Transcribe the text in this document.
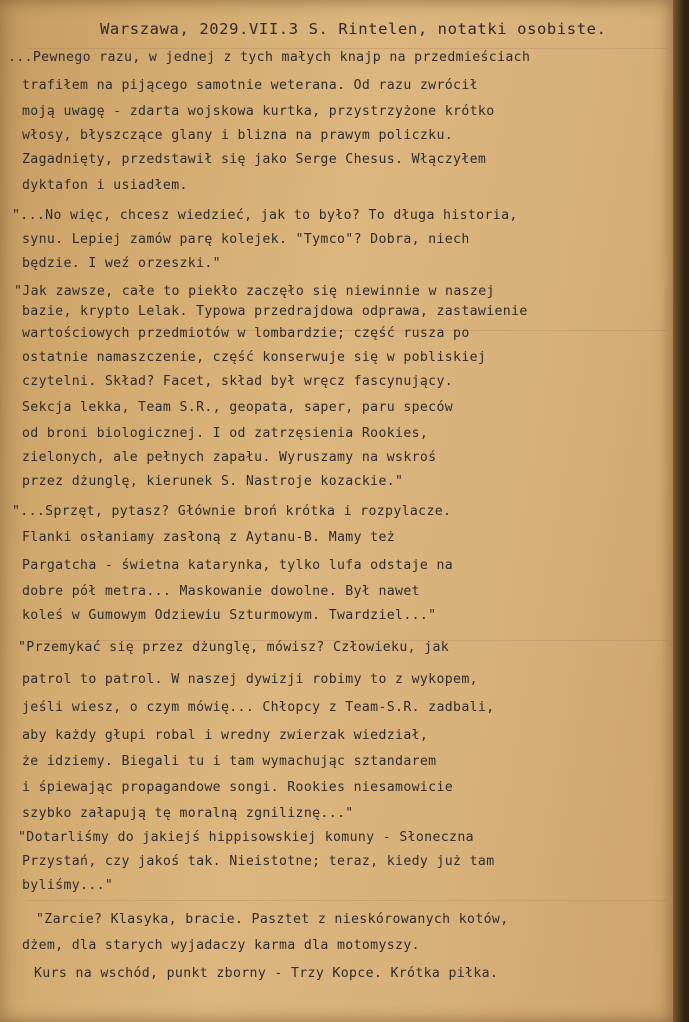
Warszawa, 2029.VII.3 S. Rintelen, notatki osobiste.
...Pewnego razu, w jednej z tych małych knajp na przedmieściach
trafiłem na pijącego samotnie weterana. Od razu zwrócił
moją uwagę - zdarta wojskowa kurtka, przystrzyżone krótko
włosy, błyszczące glany i blizna na prawym policzku.
Zagadnięty, przedstawił się jako Serge Chesus. Włączyłem
dyktafon i usiadłem.
"...No więc, chcesz wiedzieć, jak to było? To długa historia,
synu. Lepiej zamów parę kolejek. "Tymco"? Dobra, niech
będzie. I weź orzeszki."
"Jak zawsze, całe to piekło zaczęło się niewinnie w naszej
bazie, krypto Lelak. Typowa przedrajdowa odprawa, zastawienie
wartościowych przedmiotów w lombardzie; część rusza po
ostatnie namaszczenie, część konserwuje się w pobliskiej
czytelni. Skład? Facet, skład był wręcz fascynujący.
Sekcja lekka, Team S.R., geopata, saper, paru speców
od broni biologicznej. I od zatrzęsienia Rookies,
zielonych, ale pełnych zapału. Wyruszamy na wskroś
przez dżunglę, kierunek S. Nastroje kozackie."
"...Sprzęt, pytasz? Głównie broń krótka i rozpylacze.
Flanki osłaniamy zasłoną z Aytanu-B. Mamy też
Pargatcha - świetna katarynka, tylko lufa odstaje na
dobre pół metra... Maskowanie dowolne. Był nawet
koleś w Gumowym Odziewiu Szturmowym. Twardziel..."
"Przemykać się przez dżunglę, mówisz? Człowieku, jak
patrol to patrol. W naszej dywizji robimy to z wykopem,
jeśli wiesz, o czym mówię... Chłopcy z Team-S.R. zadbali,
aby każdy głupi robal i wredny zwierzak wiedział,
że idziemy. Biegali tu i tam wymachując sztandarem
i śpiewając propagandowe songi. Rookies niesamowicie
szybko załapują tę moralną zgniliznę..."
"Dotarliśmy do jakiejś hippisowskiej komuny - Słoneczna
Przystań, czy jakoś tak. Nieistotne; teraz, kiedy już tam
byliśmy..."
"Żarcie? Klasyka, bracie. Pasztet z nieskórowanych kotów,
dżem, dla starych wyjadaczy karma dla motomyszy.
Kurs na wschód, punkt zborny - Trzy Kopce. Krótka piłka.
